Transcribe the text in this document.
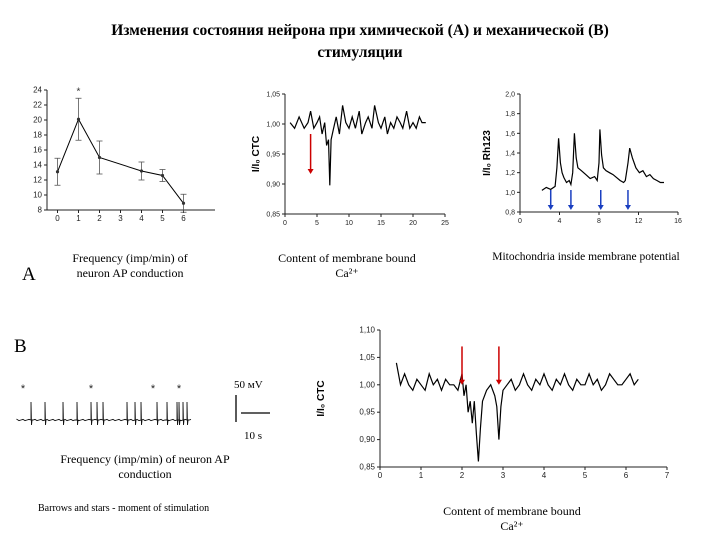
Изменения состояния нейрона при химической (А) и механической (В)
стимуляции
8
10
12
14
16
18
20
22
24
0 1 2 3 4 5 6
*
0,85
0,90
0,95
1,00
1,05
0	5	10	15	20	25
I/I₀ CTC
0,8
1,0
1,2
1,4
1,6
1,8
2,0
0	4	8	12	16
I/I₀ Rh123
0,85
0,90
0,95
1,00
1,05
1,10
0	1	2	3	4	5	6	7
I/I₀ CTC
*	*	* *	50 мV
10 s
A
B
Frequency (imp/min) of neuron AP conduction
Content of membrane bound Ca²⁺
Mitochondria inside membrane potential
Frequency (imp/min) of neuron AP conduction
Content of membrane bound Ca²⁺
Barrows and stars - moment of stimulation
